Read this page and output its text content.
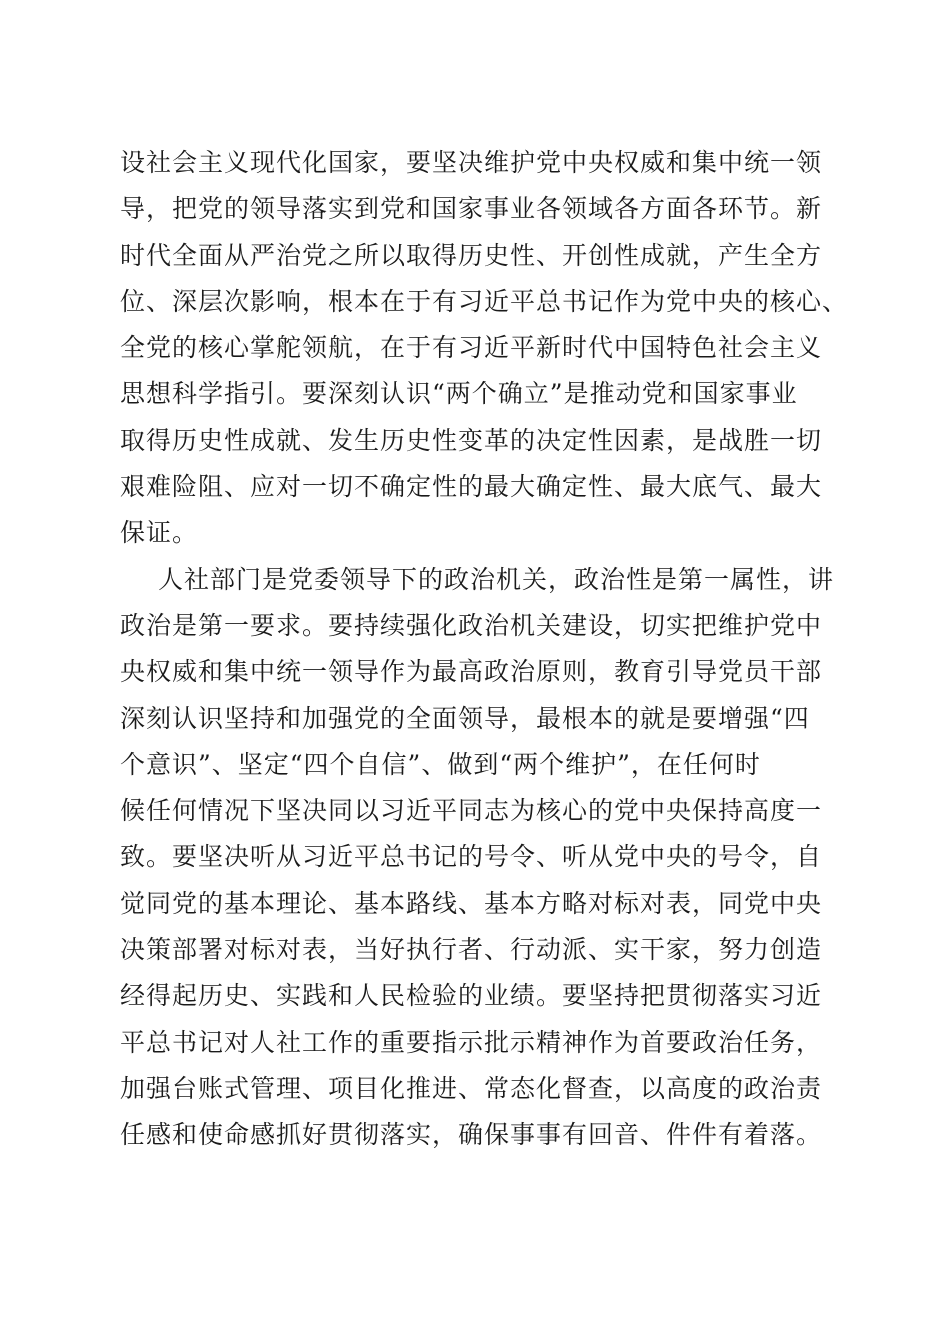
设社会主义现代化国家，要坚决维护党中央权威和集中统一领
导，把党的领导落实到党和国家事业各领域各方面各环节。新
时代全面从严治党之所以取得历史性、开创性成就，产生全方
位、深层次影响，根本在于有习近平总书记作为党中央的核心、
全党的核心掌舵领航，在于有习近平新时代中国特色社会主义
思想科学指引。要深刻认识“两个确立”是推动党和国家事业
取得历史性成就、发生历史性变革的决定性因素，是战胜一切
艰难险阻、应对一切不确定性的最大确定性、最大底气、最大
保证。
人社部门是党委领导下的政治机关，政治性是第一属性，讲
政治是第一要求。要持续强化政治机关建设，切实把维护党中
央权威和集中统一领导作为最高政治原则，教育引导党员干部
深刻认识坚持和加强党的全面领导，最根本的就是要增强“四
个意识”、坚定“四个自信”、做到“两个维护”，在任何时
候任何情况下坚决同以习近平同志为核心的党中央保持高度一
致。要坚决听从习近平总书记的号令、听从党中央的号令，自
觉同党的基本理论、基本路线、基本方略对标对表，同党中央
决策部署对标对表，当好执行者、行动派、实干家，努力创造
经得起历史、实践和人民检验的业绩。要坚持把贯彻落实习近
平总书记对人社工作的重要指示批示精神作为首要政治任务，
加强台账式管理、项目化推进、常态化督查，以高度的政治责
任感和使命感抓好贯彻落实，确保事事有回音、件件有着落。
